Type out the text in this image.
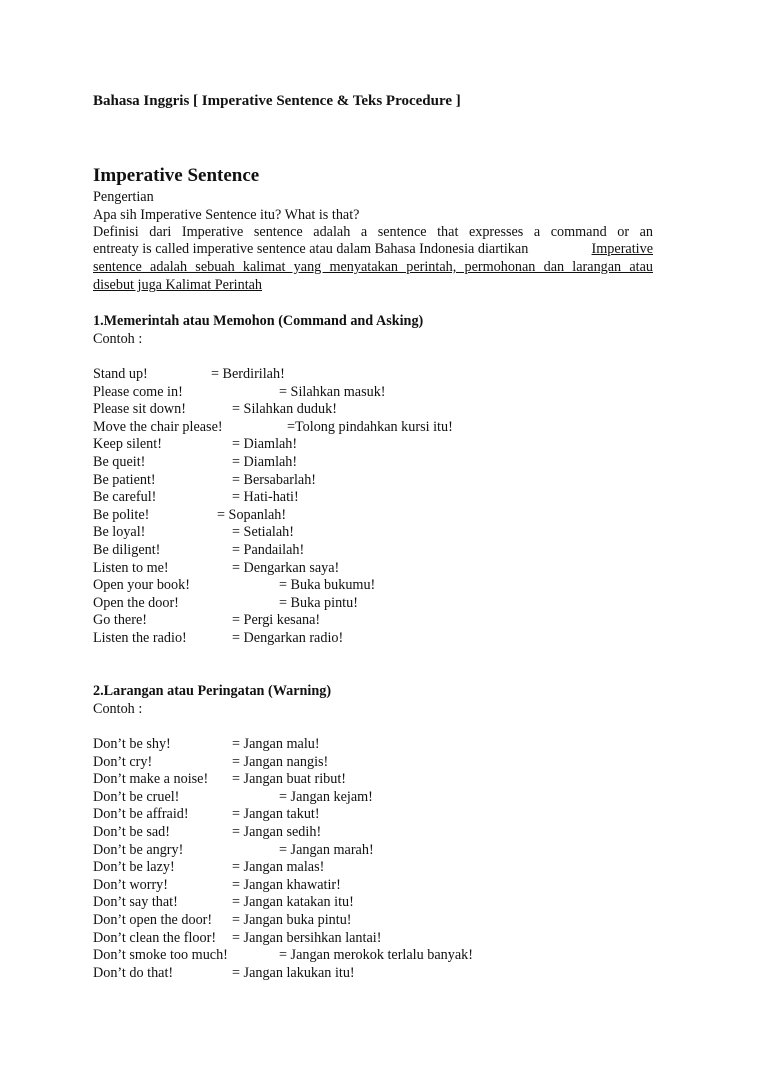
Bahasa Inggris [ Imperative Sentence & Teks Procedure ]
Imperative Sentence
Pengertian
Apa sih Imperative Sentence itu? What is that?
Definisi dari Imperative sentence adalah a sentence that expresses a command or an
entreaty is called imperative sentence atau dalam Bahasa Indonesia diartikan	Imperative
sentence adalah sebuah kalimat yang menyatakan perintah, permohonan dan larangan atau
disebut juga Kalimat Perintah
1.Memerintah atau Memohon (Command and Asking)
Contoh :
Stand up!	= Berdirilah!
Please come in!	= Silahkan masuk!
Please sit down!	= Silahkan duduk!
Move the chair please!	=Tolong pindahkan kursi itu!
Keep silent!	= Diamlah!
Be queit!	= Diamlah!
Be patient!	= Bersabarlah!
Be careful!	= Hati-hati!
Be polite!	= Sopanlah!
Be loyal!	= Setialah!
Be diligent!	= Pandailah!
Listen to me!	= Dengarkan saya!
Open your book!	= Buka bukumu!
Open the door!	= Buka pintu!
Go there!	= Pergi kesana!
Listen the radio!	= Dengarkan radio!
2.Larangan atau Peringatan (Warning)
Contoh :
Don’t be shy!	= Jangan malu!
Don’t cry!	= Jangan nangis!
Don’t make a noise! = Jangan buat ribut!
Don’t be cruel!	= Jangan kejam!
Don’t be affraid!	= Jangan takut!
Don’t be sad!	= Jangan sedih!
Don’t be angry!	= Jangan marah!
Don’t be lazy!	= Jangan malas!
Don’t worry!	= Jangan khawatir!
Don’t say that!	= Jangan katakan itu!
Don’t open the door! = Jangan buka pintu!
Don’t clean the floor! = Jangan bersihkan lantai!
Don’t smoke too much!	= Jangan merokok terlalu banyak!
Don’t do that!	= Jangan lakukan itu!
